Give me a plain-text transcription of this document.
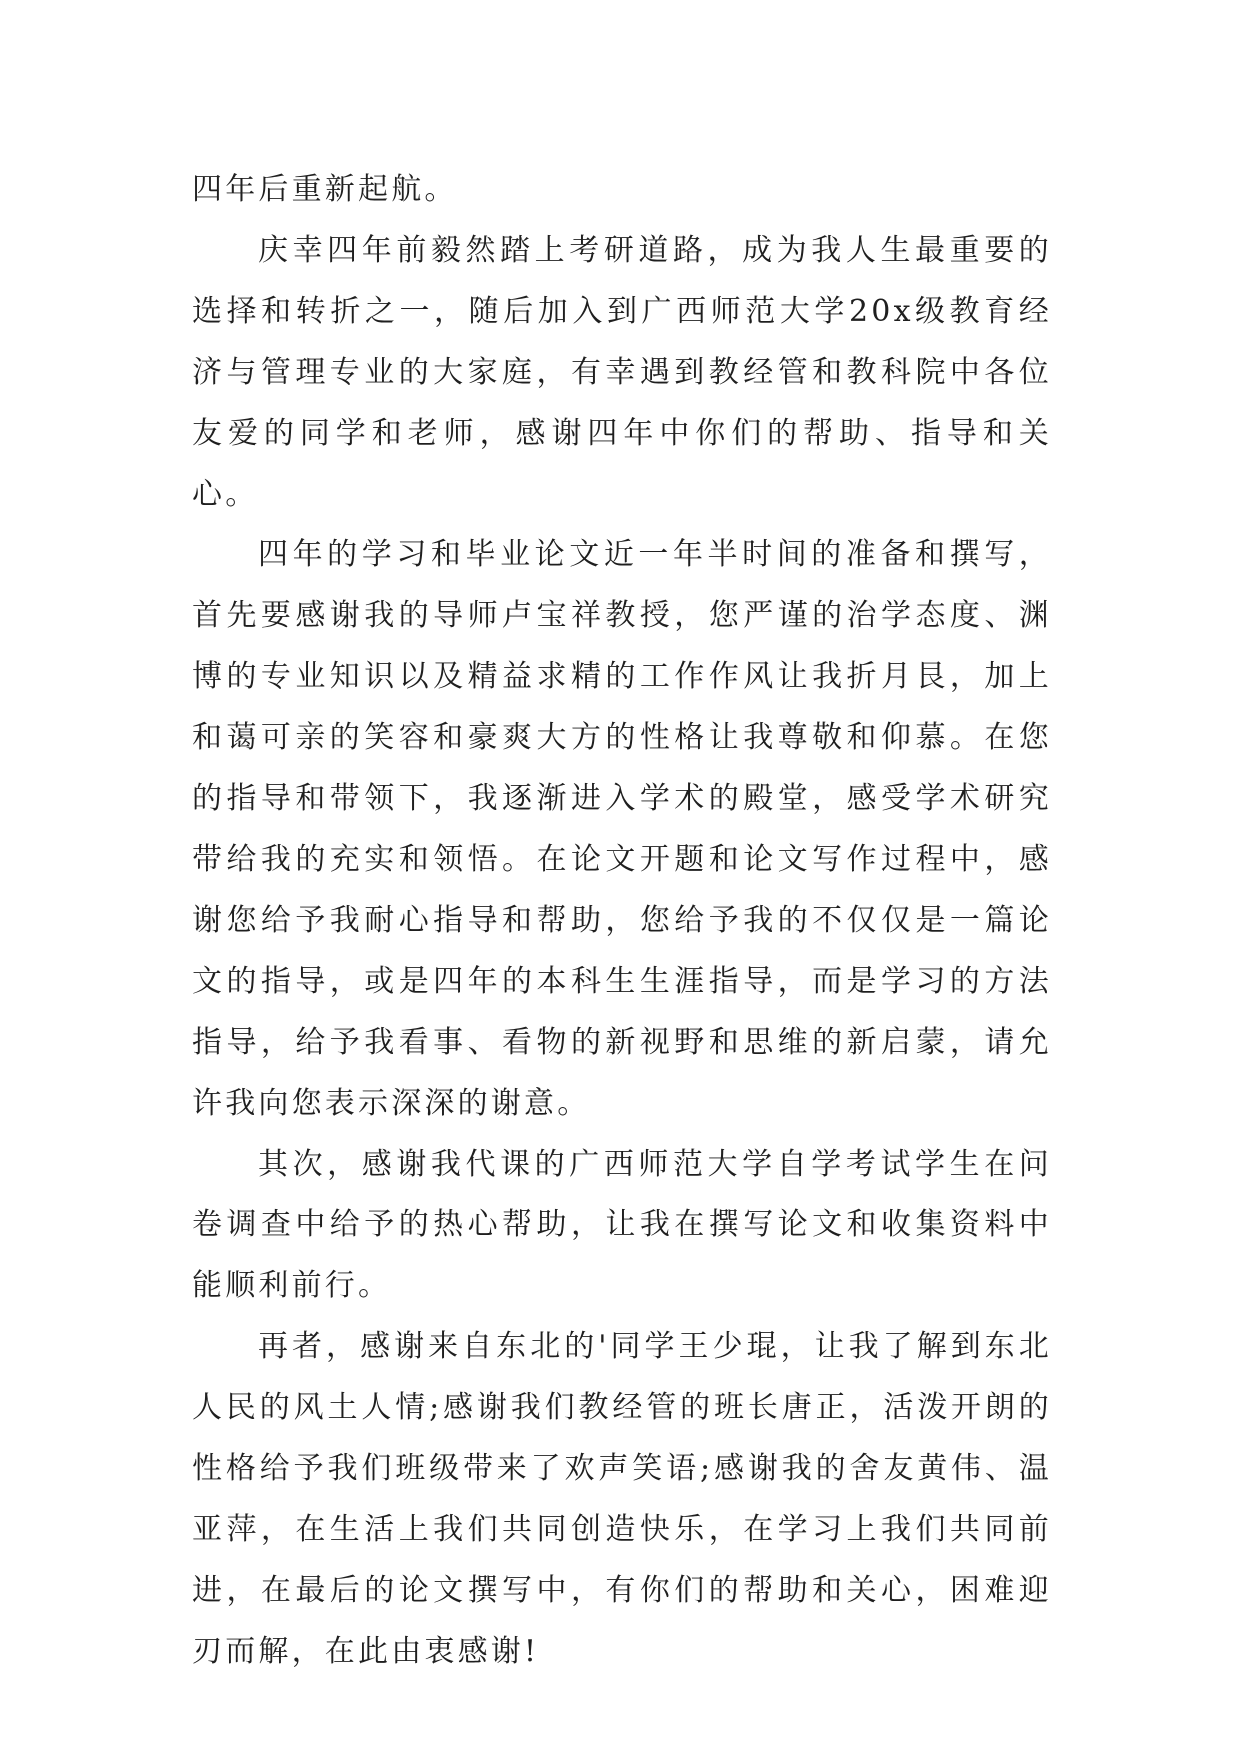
四年后重新起航。

庆幸四年前毅然踏上考研道路，成为我人生最重要的选择和转折之一，随后加入到广西师范大学20x级教育经济与管理专业的大家庭，有幸遇到教经管和教科院中各位友爱的同学和老师，感谢四年中你们的帮助、指导和关心。

四年的学习和毕业论文近一年半时间的准备和撰写，首先要感谢我的导师卢宝祥教授，您严谨的治学态度、渊博的专业知识以及精益求精的工作作风让我折月艮，加上和蔼可亲的笑容和豪爽大方的性格让我尊敬和仰慕。在您的指导和带领下，我逐渐进入学术的殿堂，感受学术研究带给我的充实和领悟。在论文开题和论文写作过程中，感谢您给予我耐心指导和帮助，您给予我的不仅仅是一篇论文的指导，或是四年的本科生生涯指导，而是学习的方法指导，给予我看事、看物的新视野和思维的新启蒙，请允许我向您表示深深的谢意。

其次，感谢我代课的广西师范大学自学考试学生在问卷调查中给予的热心帮助，让我在撰写论文和收集资料中能顺利前行。

再者，感谢来自东北的'同学王少琨，让我了解到东北人民的风土人情;感谢我们教经管的班长唐正，活泼开朗的性格给予我们班级带来了欢声笑语;感谢我的舍友黄伟、温亚萍，在生活上我们共同创造快乐，在学习上我们共同前进，在最后的论文撰写中，有你们的帮助和关心，困难迎刃而解，在此由衷感谢!
